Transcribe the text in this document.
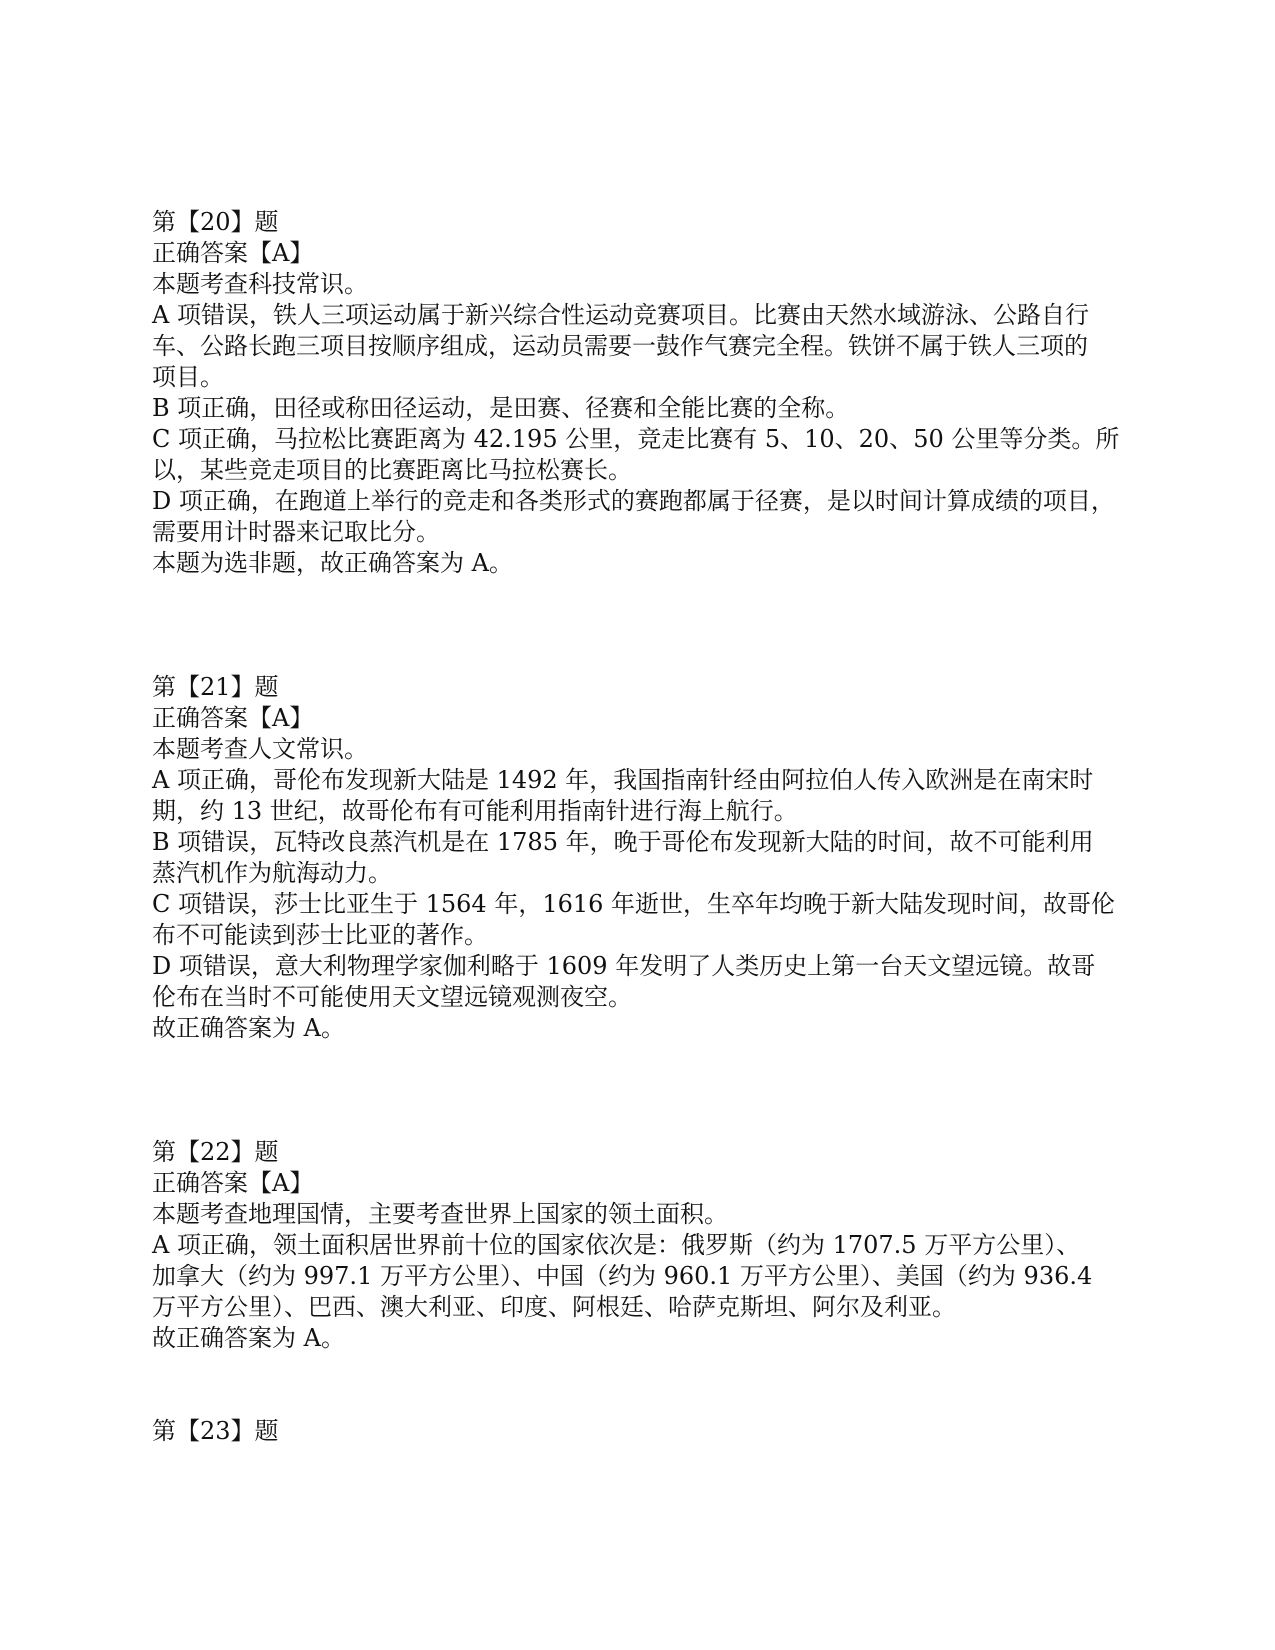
第【20】题
正确答案【A】
本题考查科技常识。
A 项错误，铁人三项运动属于新兴综合性运动竞赛项目。比赛由天然水域游泳、公路自行
车、公路长跑三项目按顺序组成，运动员需要一鼓作气赛完全程。铁饼不属于铁人三项的
项目。
B 项正确，田径或称田径运动，是田赛、径赛和全能比赛的全称。
C 项正确，马拉松比赛距离为 42.195 公里，竞走比赛有 5、10、20、50 公里等分类。所
以，某些竞走项目的比赛距离比马拉松赛长。
D 项正确，在跑道上举行的竞走和各类形式的赛跑都属于径赛，是以时间计算成绩的项目，
需要用计时器来记取比分。
本题为选非题，故正确答案为 A。
第【21】题
正确答案【A】
本题考查人文常识。
A 项正确，哥伦布发现新大陆是 1492 年，我国指南针经由阿拉伯人传入欧洲是在南宋时
期，约 13 世纪，故哥伦布有可能利用指南针进行海上航行。
B 项错误，瓦特改良蒸汽机是在 1785 年，晚于哥伦布发现新大陆的时间，故不可能利用
蒸汽机作为航海动力。
C 项错误，莎士比亚生于 1564 年，1616 年逝世，生卒年均晚于新大陆发现时间，故哥伦
布不可能读到莎士比亚的著作。
D 项错误，意大利物理学家伽利略于 1609 年发明了人类历史上第一台天文望远镜。故哥
伦布在当时不可能使用天文望远镜观测夜空。
故正确答案为 A。
第【22】题
正确答案【A】
本题考查地理国情，主要考查世界上国家的领土面积。
A 项正确，领土面积居世界前十位的国家依次是：俄罗斯（约为 1707.5 万平方公里）、
加拿大（约为 997.1 万平方公里）、中国（约为 960.1 万平方公里）、美国（约为 936.4
万平方公里）、巴西、澳大利亚、印度、阿根廷、哈萨克斯坦、阿尔及利亚。
故正确答案为 A。
第【23】题
